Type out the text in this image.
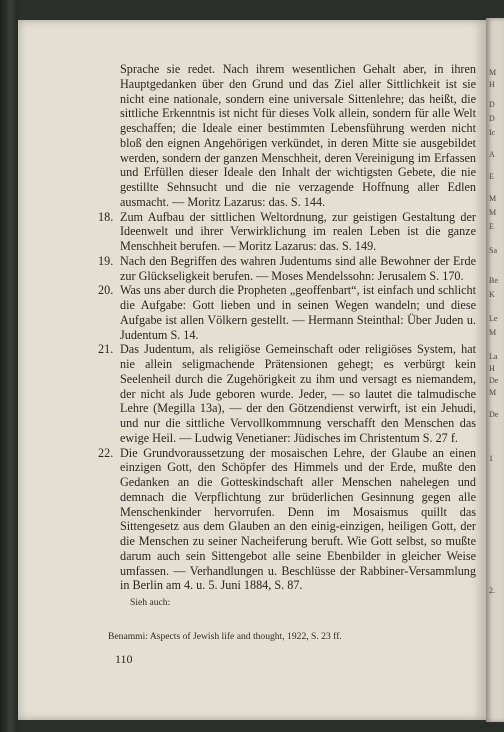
M
H
D
D
Ic
A
E
M
M
E
Sa
Be
K
Le
M
La
H
De
M
De
1
2.

Sprache sie redet. Nach ihrem wesentlichen Gehalt aber, in ihren Hauptgedanken über den Grund und das Ziel aller Sittlichkeit ist sie nicht eine nationale, sondern eine universale Sittenlehre; das heißt, die sittliche Erkenntnis ist nicht für dieses Volk allein, sondern für alle Welt geschaffen; die Ideale einer bestimmten Lebensführung werden nicht bloß den eignen Angehörigen verkündet, in deren Mitte sie ausgebildet werden, sondern der ganzen Menschheit, deren Vereinigung im Erfassen und Erfüllen dieser Ideale den Inhalt der wichtigsten Gebete, die nie gestillte Sehnsucht und die nie verzagende Hoffnung aller Edlen ausmacht. — Moritz Lazarus: das. S. 144.

18. Zum Aufbau der sittlichen Weltordnung, zur geistigen Gestaltung der Ideenwelt und ihrer Verwirklichung im realen Leben ist die ganze Menschheit berufen. — Moritz Lazarus: das. S. 149.
19. Nach den Begriffen des wahren Judentums sind alle Bewohner der Erde zur Glückseligkeit berufen. — Moses Mendelssohn: Jerusalem S. 170.
20. Was uns aber durch die Propheten „geoffenbart“, ist einfach und schlicht die Aufgabe: Gott lieben und in seinen Wegen wandeln; und diese Aufgabe ist allen Völkern gestellt. — Hermann Steinthal: Über Juden u. Judentum S. 14.
21. Das Judentum, als religiöse Gemeinschaft oder religiöses System, hat nie allein seligmachende Prätensionen gehegt; es verbürgt kein Seelenheil durch die Zugehörigkeit zu ihm und versagt es niemandem, der nicht als Jude geboren wurde. Jeder, — so lautet die talmudische Lehre (Megilla 13a), — der den Götzendienst verwirft, ist ein Jehudi, und nur die sittliche Vervollkommnung verschafft den Menschen das ewige Heil. — Ludwig Venetianer: Jüdisches im Christentum S. 27 f.
22. Die Grundvoraussetzung der mosaischen Lehre, der Glaube an einen einzigen Gott, den Schöpfer des Himmels und der Erde, mußte den Gedanken an die Gotteskindschaft aller Menschen nahelegen und demnach die Verpflichtung zur brüderlichen Gesinnung gegen alle Menschenkinder hervorrufen. Denn im Mosaismus quillt das Sittengesetz aus dem Glauben an den einig-einzigen, heiligen Gott, der die Menschen zu seiner Nacheiferung beruft. Wie Gott selbst, so mußte darum auch sein Sittengebot alle seine Ebenbilder in gleicher Weise umfassen. — Verhandlungen u. Beschlüsse der Rabbiner-Versammlung in Berlin am 4. u. 5. Juni 1884, S. 87.
Sieh auch:
Benammi: Aspects of Jewish life and thought, 1922, S. 23 ff.
110
